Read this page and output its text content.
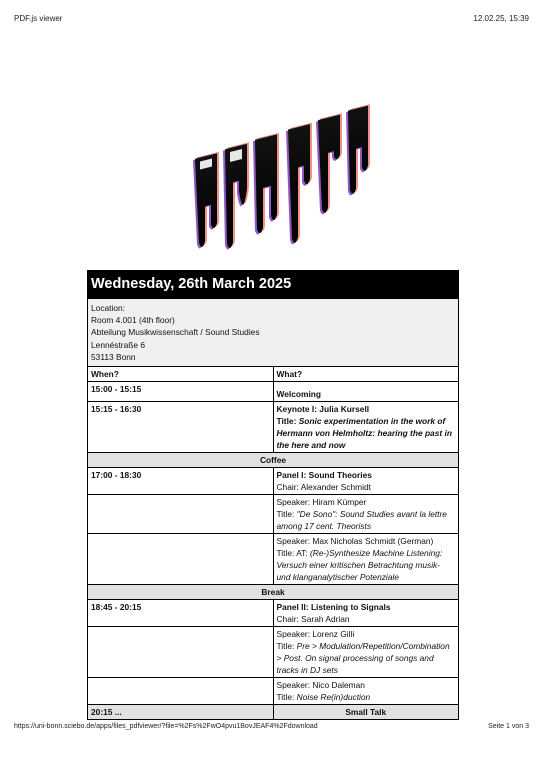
PDF.js viewer	12.02.25, 15:39
Wednesday, 26th March 2025
Location:
Room 4.001 (4th floor)
Abteilung Musikwissenschaft / Sound Studies
Lennéstraße 6
53113 Bonn	

When?	What?
15:00 - 15:15	Welcoming
15:15 - 16:30	Keynote I: Julia Kursell
Title: Sonic experimentation in the work of Hermann von Helmholtz: hearing the past in the here and now

Coffee	
17:00 - 18:30	Panel I: Sound Theories
Chair: Alexander Schmidt

	Speaker: Hiram Kümper
Title: "De Sono": Sound Studies avant la lettre among 17 cent. Theorists

	Speaker: Max Nicholas Schmidt (German)
Title: AT: (Re-)Synthesize Machine Listening: Versuch einer kritischen Betrachtung musik- und klanganalytischer Potenziale

Break	
18:45 - 20:15	Panel II: Listening to Signals
Chair: Sarah Adrian

	Speaker: Lorenz Gilli
Title: Pre > Modulation/Repetition/Combination > Post. On signal processing of songs and tracks in DJ sets

	Speaker: Nico Daleman
Title: Noise Re(in)duction

20:15 ...	Small Talk
https://uni-bonn.sciebo.de/apps/files_pdfviewer/?file=%2Fs%2FwO4pvu1BovJEAF4%2Fdownload	Seite 1 von 3
